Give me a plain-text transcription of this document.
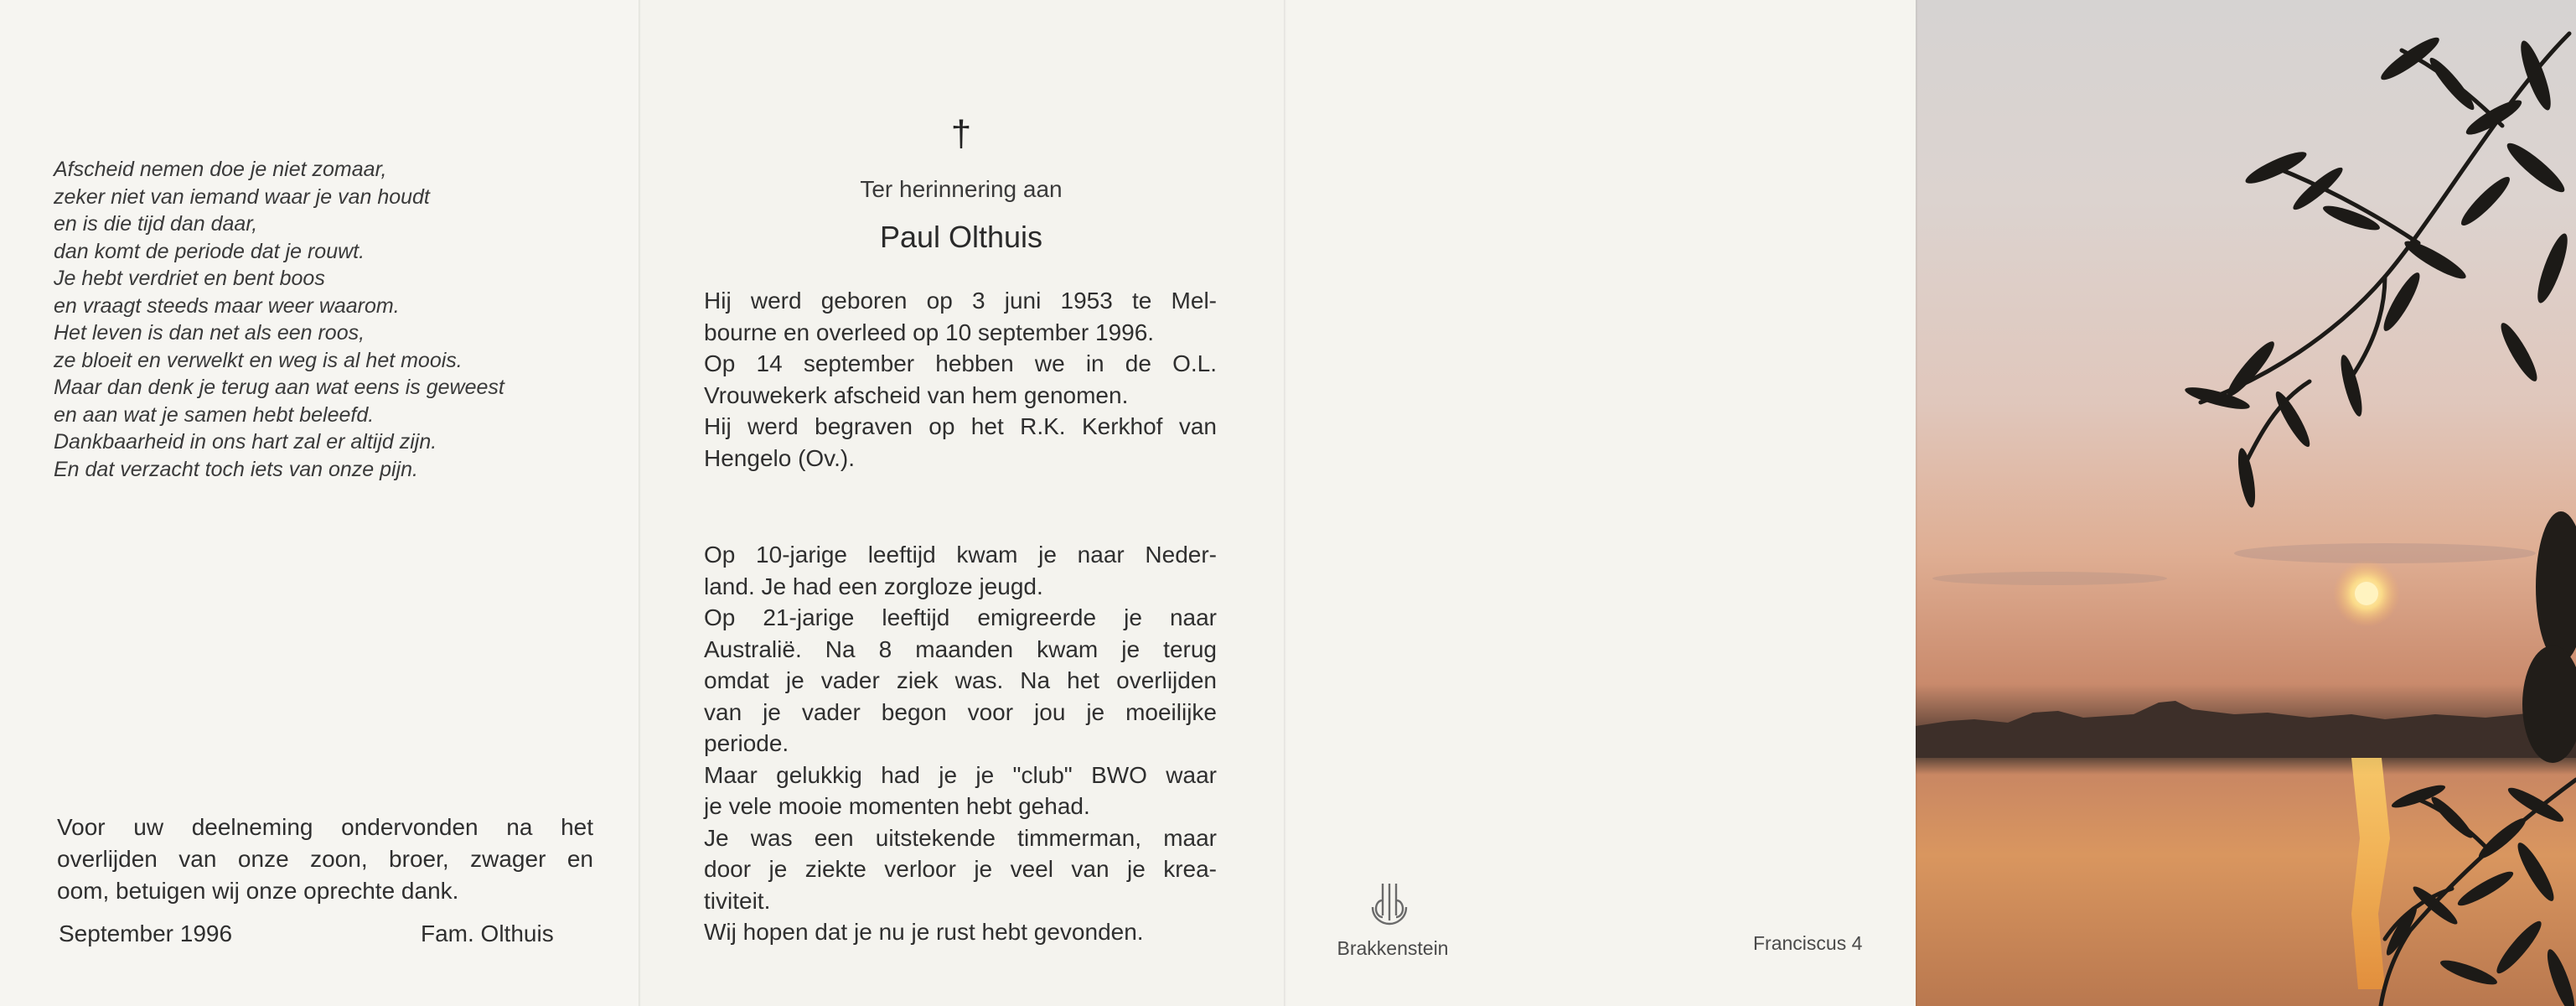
Afscheid nemen doe je niet zomaar,
zeker niet van iemand waar je van houdt
en is die tijd dan daar,
dan komt de periode dat je rouwt.
Je hebt verdriet en bent boos
en vraagt steeds maar weer waarom.
Het leven is dan net als een roos,
ze bloeit en verwelkt en weg is al het moois.
Maar dan denk je terug aan wat eens is geweest
en aan wat je samen hebt beleefd.
Dankbaarheid in ons hart zal er altijd zijn.
En dat verzacht toch iets van onze pijn.
Voor uw deelneming ondervonden na het
overlijden van onze zoon, broer, zwager en
oom, betuigen wij onze oprechte dank.
September 1996	Fam. Olthuis
†
Ter herinnering aan
Paul Olthuis
Hij werd geboren op 3 juni 1953 te Mel-
bourne en overleed op 10 september 1996.
Op 14 september hebben we in de O.L.
Vrouwekerk afscheid van hem genomen.
Hij werd begraven op het R.K. Kerkhof van
Hengelo (Ov.).
Op 10-jarige leeftijd kwam je naar Neder-
land. Je had een zorgloze jeugd.
Op 21-jarige leeftijd emigreerde je naar
Australië. Na 8 maanden kwam je terug
omdat je vader ziek was. Na het overlijden
van je vader begon voor jou je moeilijke
periode.
Maar gelukkig had je je "club" BWO waar
je vele mooie momenten hebt gehad.
Je was een uitstekende timmerman, maar
door je ziekte verloor je veel van je krea-
tiviteit.
Wij hopen dat je nu je rust hebt gevonden.
Brakkenstein	Franciscus 4
